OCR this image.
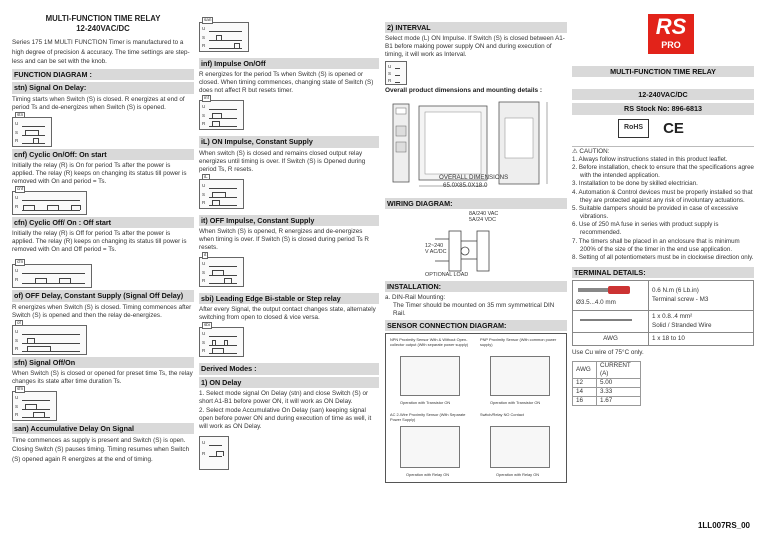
MULTI-FUNCTION TIME RELAY
12-240VAC/DC

Series 175 1M MULTI FUNCTION Timer is manufactured to a high degree of precision & accuracy. The time settings are step-less and can be set with the knob.

FUNCTION DIAGRAM :
stn) Signal On Delay:

Timing starts when Switch (S) is closed. R energizes at end of period Ts and de-energizes when Switch (S) is opened.

stn
U
S
R
cnf) Cyclic On/Off: On start

Initially the relay (R) is On for period Ts after the power is applied. The relay (R) keeps on changing its status till power is removed with On and period = Ts.

cnf
U
R
cfn) Cyclic Off/ On : Off start

Initially the relay (R) is Off for period Ts after the power is applied. The relay (R) keeps on changing its status till power is removed with On and Off period = Ts.

cfn
U
R
of) OFF Delay, Constant Supply (Signal Off Delay)

R energizes when Switch (S) is closed. Timing commences after Switch (S) is opened and then the relay de-energizes.

of
U
S
R
sfn) Signal Off/On

When Switch (S) is closed or opened for preset time Ts, the relay changes its state after time duration Ts.

sfn
U
S
R
san) Accumulative Delay On Signal

Time commences as supply is present and Switch (S) is open. Closing Switch (S) pauses timing. Timing resumes when Switch (S) opened again R energizes at the end of timing.

san
U
S
R
inf) Impulse On/Off

R energizes for the period Ts when Switch (S) is opened or closed. When timing commences, changing state of Switch (S) does not affect R but resets timer.

inf
U
S
R
iL) ON Impulse, Constant Supply

When switch (S) is closed and remains closed output relay energizes until timing is over. If Switch (S) is Opened during period Ts, R resets.

iL
U
S
R
it) OFF Impulse, Constant Supply

When Switch (S) is opened, R energizes and de-energizes when timing is over. If Switch (S) is closed during period Ts R resets.

it
U
S
R
sbi) Leading Edge Bi-stable or Step relay

After every Signal, the output contact changes state, alternately switching from open to closed & vice versa.

sbi
U
S
R
Derived Modes :
1) ON Delay

1. Select mode signal On Delay (stn) and close Switch (S) or short A1-B1 before power ON, it will work as ON Delay.

2. Select mode Accumulative On Delay (san) keeping signal open before power ON and during execution of time as well, it will work as ON Delay.

U
R
2) INTERVAL

Select mode (L) ON Impulse. If Switch (S) is closed between A1-B1 before making power supply ON and during execution of timing, it will work as Interval.

U
S
R
Overall product dimensions and mounting details :
OVERALL DIMENSIONS
65.0X85.0X18.0
WIRING DIAGRAM:
8A/240 VAC
5A/24 VDC
12~240
V AC/DC
OPTIONAL LOAD
INSTALLATION:

a. DIN-Rail Mounting:

The Timer should be mounted on 35 mm symmetrical DIN Rail.

SENSOR CONNECTION DIAGRAM:
NPN Proximity Sensor With & Without Open-collector output (With separate power supply)
PNP Proximity Sensor (With common power supply)
Operation with Transistor ON	Operation with Transistor ON
AC 2-Wire Proximity Sensor (With Separate Power Supply)
Switch/Relay NO Contact
Operation with Relay ON	Operation with Relay ON
RS
PRO
MULTI-FUNCTION TIME RELAY
12-240VAC/DC
RS Stock No: 896-6813
RoHS	CE
⚠ CAUTION:
1. Always follow instructions stated in this product leaflet.
2. Before installation, check to ensure that the specifications agree with the intended application.
3. Installation to be done by skilled electrician.
4. Automation & Control devices must be properly installed so that they are protected against any risk of involuntary actuations.
5. Suitable dampers should be provided in case of excessive vibrations.
6. Use of 250 mA fuse in series with product supply is recommended.
7. The timers shall be placed in an enclosure that is minimum 200% of the size of the timer in the end use application.
8. Setting of all potentiometers must be in clockwise direction only.
TERMINAL DETAILS:
Ø3.5...4.0 mm	0.6 N.m (6 Lb.in)
Terminal screw - M3

1 x 0.8..4 mm²
Solid / Stranded Wire

AWG	1 x 18 to 10
Use Cu wire of 75°C only.
AWG	CURRENT (A)
12	5.00
14	3.33
16	1.67
1LL007RS_00
